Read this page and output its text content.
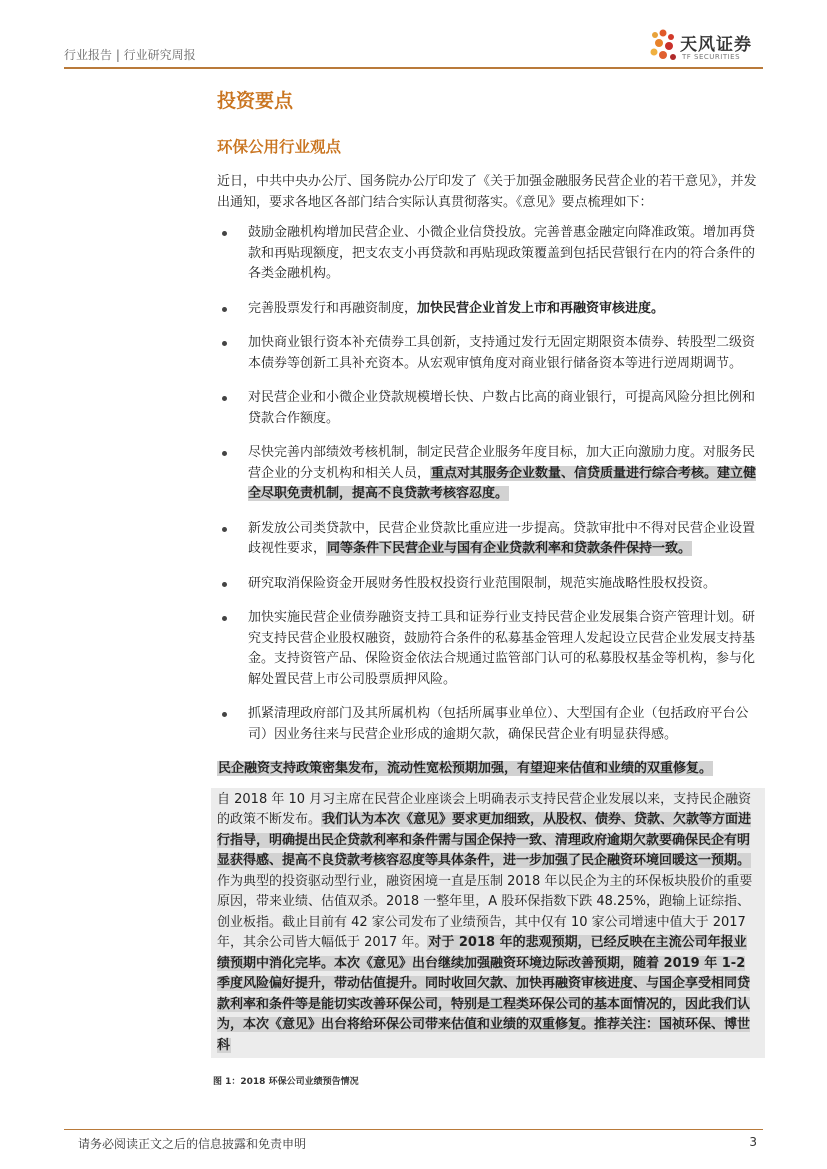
行业报告 | 行业研究周报	天风证券
TF SECURITIES
投资要点
环保公用行业观点

近日，中共中央办公厅、国务院办公厅印发了《关于加强金融服务民营企业的若干意见》，并发出通知，要求各地区各部门结合实际认真贯彻落实。《意见》要点梳理如下：

鼓励金融机构增加民营企业、小微企业信贷投放。完善普惠金融定向降准政策。增加再贷款和再贴现额度，把支农支小再贷款和再贴现政策覆盖到包括民营银行在内的符合条件的各类金融机构。
完善股票发行和再融资制度，加快民营企业首发上市和再融资审核进度。
加快商业银行资本补充债券工具创新，支持通过发行无固定期限资本债券、转股型二级资本债券等创新工具补充资本。从宏观审慎角度对商业银行储备资本等进行逆周期调节。
对民营企业和小微企业贷款规模增长快、户数占比高的商业银行，可提高风险分担比例和贷款合作额度。
尽快完善内部绩效考核机制，制定民营企业服务年度目标，加大正向激励力度。对服务民营企业的分支机构和相关人员，重点对其服务企业数量、信贷质量进行综合考核。建立健全尽职免责机制，提高不良贷款考核容忍度。
新发放公司类贷款中，民营企业贷款比重应进一步提高。贷款审批中不得对民营企业设置歧视性要求，同等条件下民营企业与国有企业贷款利率和贷款条件保持一致。
研究取消保险资金开展财务性股权投资行业范围限制，规范实施战略性股权投资。
加快实施民营企业债券融资支持工具和证券行业支持民营企业发展集合资产管理计划。研究支持民营企业股权融资，鼓励符合条件的私募基金管理人发起设立民营企业发展支持基金。支持资管产品、保险资金依法合规通过监管部门认可的私募股权基金等机构，参与化解处置民营上市公司股票质押风险。
抓紧清理政府部门及其所属机构（包括所属事业单位）、大型国有企业（包括政府平台公司）因业务往来与民营企业形成的逾期欠款，确保民营企业有明显获得感。

民企融资支持政策密集发布，流动性宽松预期加强，有望迎来估值和业绩的双重修复。

自 2018 年 10 月习主席在民营企业座谈会上明确表示支持民营企业发展以来，支持民企融资的政策不断发布。我们认为本次《意见》要求更加细致，从股权、债券、贷款、欠款等方面进行指导，明确提出民企贷款利率和条件需与国企保持一致、清理政府逾期欠款要确保民企有明显获得感、提高不良贷款考核容忍度等具体条件，进一步加强了民企融资环境回暖这一预期。作为典型的投资驱动型行业，融资困境一直是压制 2018 年以民企为主的环保板块股价的重要原因，带来业绩、估值双杀。2018 一整年里，A 股环保指数下跌 48.25%，跑输上证综指、创业板指。截止目前有 42 家公司发布了业绩预告，其中仅有 10 家公司增速中值大于 2017 年，其余公司皆大幅低于 2017 年。对于 2018 年的悲观预期，已经反映在主流公司年报业绩预期中消化完毕。本次《意见》出台继续加强融资环境边际改善预期，随着 2019 年 1-2 季度风险偏好提升，带动估值提升。同时收回欠款、加快再融资审核进度、与国企享受相同贷款利率和条件等是能切实改善环保公司，特别是工程类环保公司的基本面情况的，因此我们认为，本次《意见》出台将给环保公司带来估值和业绩的双重修复。推荐关注：国祯环保、博世科
图 1：2018 环保公司业绩预告情况
请务必阅读正文之后的信息披露和免责申明	3
